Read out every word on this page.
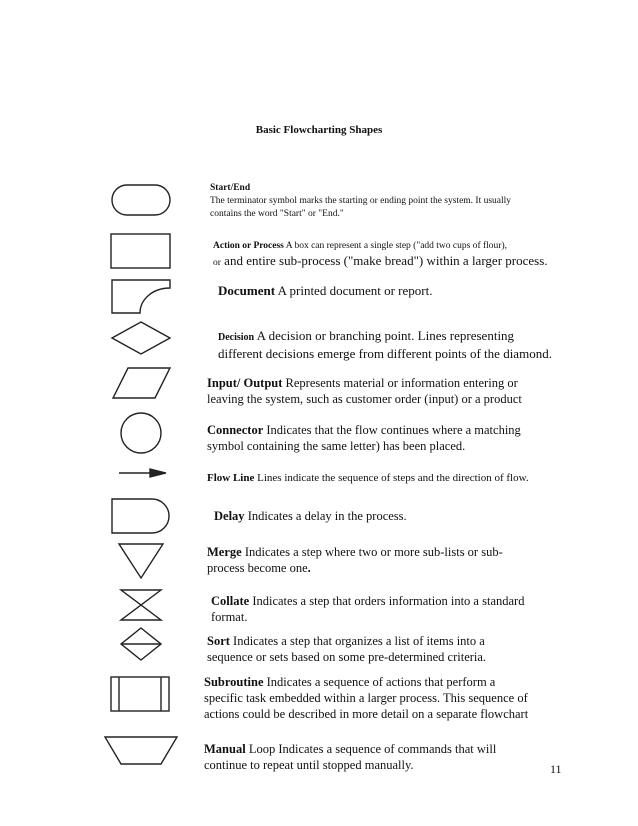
Basic Flowcharting Shapes
Start/End
The terminator symbol marks the starting or ending point the system. It usually
contains the word "Start" or "End."
Action or Process A box can represent a single step ("add two cups of flour),
or and entire sub-process ("make bread") within a larger process.
Document A printed document or report.
Decision A decision or branching point. Lines representing
different decisions emerge from different points of the diamond.
Input/ Output Represents material or information entering or
leaving the system, such as customer order (input) or a product
Connector Indicates that the flow continues where a matching
symbol containing the same letter) has been placed.
Flow Line Lines indicate the sequence of steps and the direction of flow.
Delay Indicates a delay in the process.
Merge Indicates a step where two or more sub-lists or sub-
process become one.
Collate Indicates a step that orders information into a standard
format.
Sort Indicates a step that organizes a list of items into a
sequence or sets based on some pre-determined criteria.
Subroutine Indicates a sequence of actions that perform a
specific task embedded within a larger process. This sequence of
actions could be described in more detail on a separate flowchart
Manual Loop Indicates a sequence of commands that will
continue to repeat until stopped manually.	11
